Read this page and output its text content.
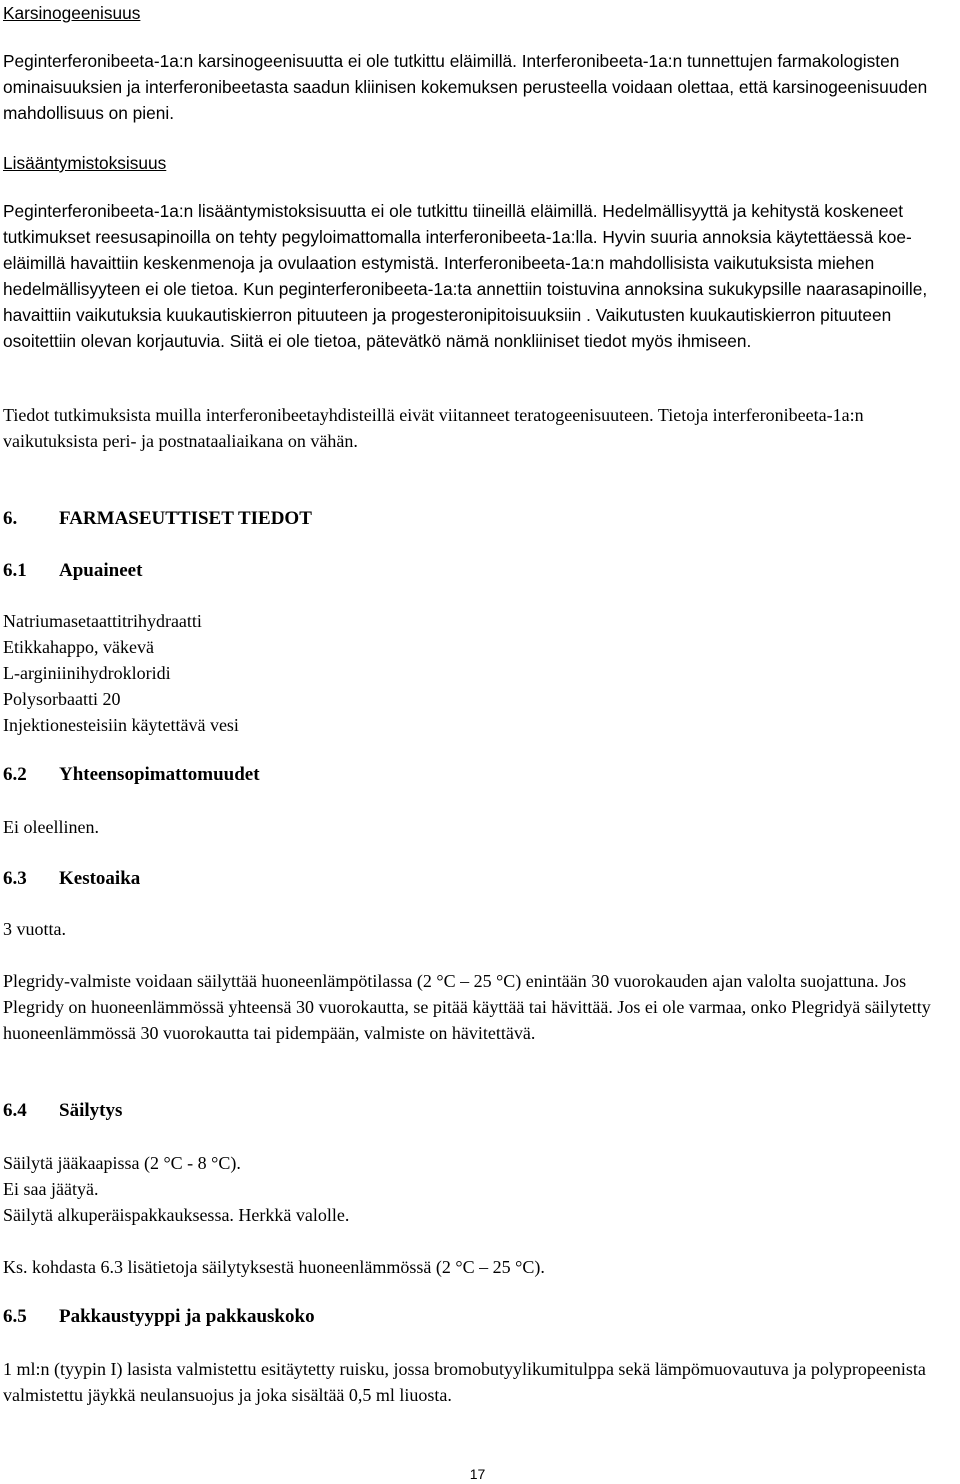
Karsinogeenisuus

Peginterferonibeeta-1a:n karsinogeenisuutta ei ole tutkittu eläimillä. Interferonibeeta-1a:n tunnettujen farmakologisten ominaisuuksien ja interferonibeetasta saadun kliinisen kokemuksen perusteella voidaan olettaa, että karsinogeenisuuden mahdollisuus on pieni.

Lisääntymistoksisuus

Peginterferonibeeta-1a:n lisääntymistoksisuutta ei ole tutkittu tiineillä eläimillä. Hedelmällisyyttä ja kehitystä koskeneet tutkimukset reesusapinoilla on tehty pegyloimattomalla interferonibeeta-1a:lla. Hyvin suuria annoksia käytettäessä koe-eläimillä havaittiin keskenmenoja ja ovulaation estymistä. Interferonibeeta-1a:n mahdollisista vaikutuksista miehen hedelmällisyyteen ei ole tietoa. Kun peginterferonibeeta-1a:ta annettiin toistuvina annoksina sukukypsille naarasapinoille, havaittiin vaikutuksia kuukautiskierron pituuteen ja progesteronipitoisuuksiin . Vaikutusten kuukautiskierron pituuteen osoitettiin olevan korjautuvia. Siitä ei ole tietoa, pätevätkö nämä nonkliiniset tiedot myös ihmiseen.

Tiedot tutkimuksista muilla interferonibeetayhdisteillä eivät viitanneet teratogeenisuuteen. Tietoja interferonibeeta-1a:n vaikutuksista peri- ja postnataaliaikana on vähän.

6. FARMASEUTTISET TIEDOT
6.1 Apuaineet
Natriumasetaattitrihydraatti
Etikkahappo, väkevä
L-arginiinihydrokloridi
Polysorbaatti 20
Injektionesteisiin käytettävä vesi
6.2 Yhteensopimattomuudet
Ei oleellinen.
6.3 Kestoaika
3 vuotta.

Plegridy-valmiste voidaan säilyttää huoneenlämpötilassa (2 °C – 25 °C) enintään 30 vuorokauden ajan valolta suojattuna. Jos Plegridy on huoneenlämmössä yhteensä 30 vuorokautta, se pitää käyttää tai hävittää. Jos ei ole varmaa, onko Plegridyä säilytetty huoneenlämmössä 30 vuorokautta tai pidempään, valmiste on hävitettävä.

6.4 Säilytys
Säilytä jääkaapissa (2 °C - 8 °C).
Ei saa jäätyä.
Säilytä alkuperäispakkauksessa. Herkkä valolle.
Ks. kohdasta 6.3 lisätietoja säilytyksestä huoneenlämmössä (2 °C – 25 °C).
6.5 Pakkaustyyppi ja pakkauskoko

1 ml:n (tyypin I) lasista valmistettu esitäytetty ruisku, jossa bromobutyylikumitulppa sekä lämpömuovautuva ja polypropeenista valmistettu jäykkä neulansuojus ja joka sisältää 0,5 ml liuosta.

17
